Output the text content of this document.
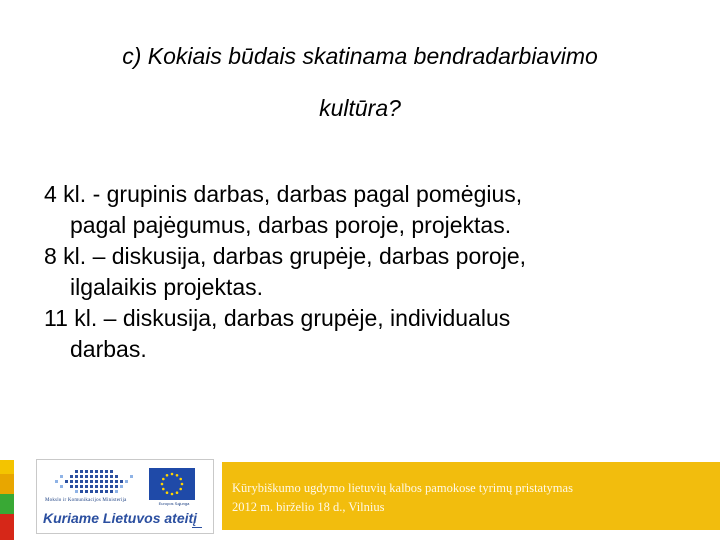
c) Kokiais būdais skatinama bendradarbiavimo
kultūra?
4 kl. - grupinis darbas, darbas pagal pomėgius,
pagal pajėgumus, darbas poroje, projektas.
8 kl. – diskusija, darbas grupėje, darbas poroje,
ilgalaikis projektas.
11 kl. – diskusija, darbas grupėje, individualus
darbas.
Mokslo ir Komunikacijos Ministerija
Europos Sąjunga
Kuriame Lietuvos ateitį
Kūrybiškumo ugdymo lietuvių kalbos pamokose tyrimų pristatymas
2012 m. birželio 18 d., Vilnius
